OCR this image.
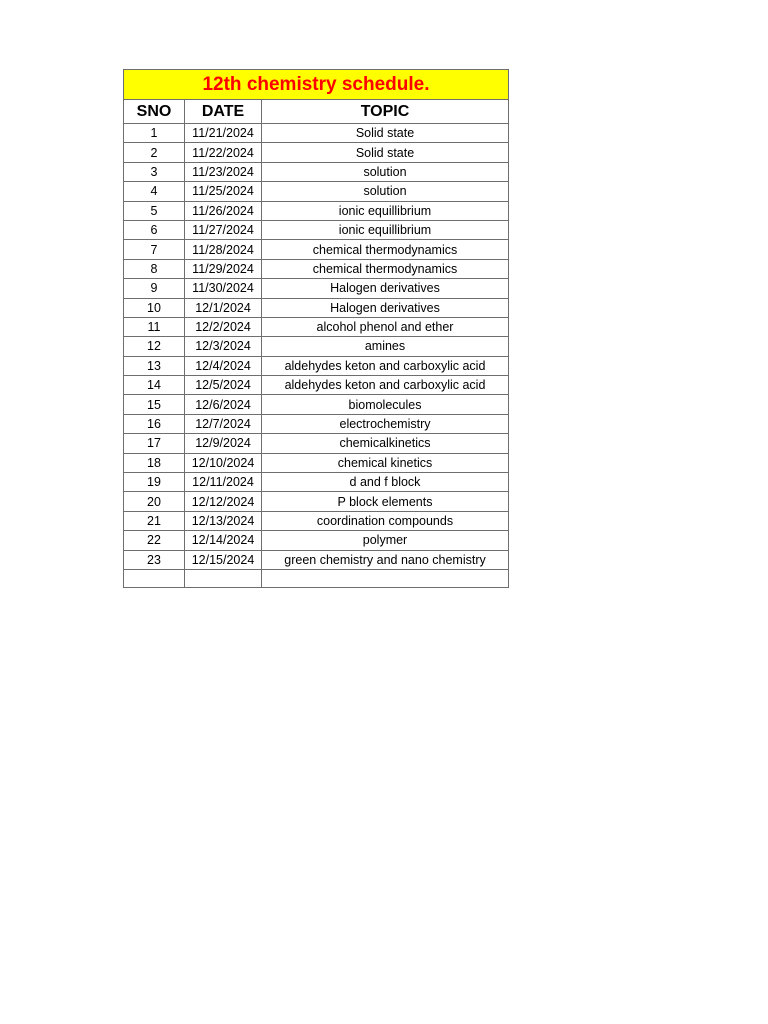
12th chemistry schedule.		
SNO	DATE	TOPIC
1	11/21/2024	Solid state
2	11/22/2024	Solid state
3	11/23/2024	solution
4	11/25/2024	solution
5	11/26/2024	ionic equillibrium
6	11/27/2024	ionic equillibrium
7	11/28/2024	chemical thermodynamics
8	11/29/2024	chemical thermodynamics
9	11/30/2024	Halogen derivatives
10	12/1/2024	Halogen derivatives
11	12/2/2024	alcohol phenol and ether
12	12/3/2024	amines
13	12/4/2024	aldehydes keton and carboxylic acid
14	12/5/2024	aldehydes keton and carboxylic acid
15	12/6/2024	biomolecules
16	12/7/2024	electrochemistry
17	12/9/2024	chemicalkinetics
18	12/10/2024	chemical kinetics
19	12/11/2024	d and f block
20	12/12/2024	P block elements
21	12/13/2024	coordination compounds
22	12/14/2024	polymer
23	12/15/2024	green chemistry and nano chemistry
